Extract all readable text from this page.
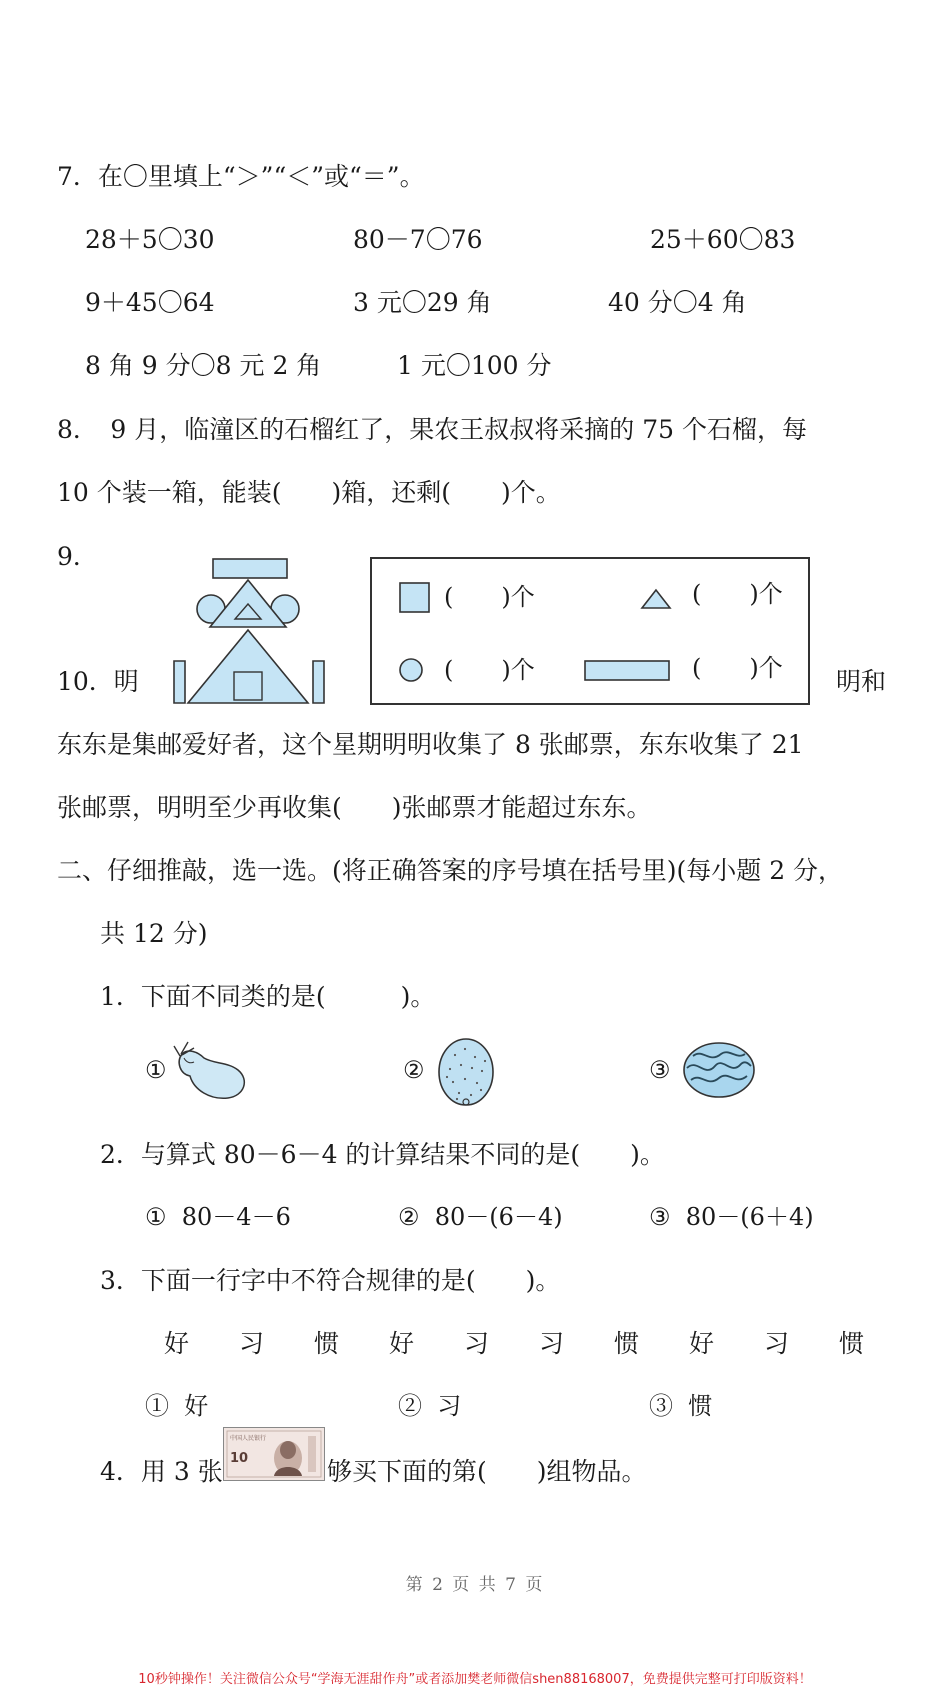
7．在〇里填上“＞”“＜”或“＝”。
28＋5〇30	80－7〇76	25＋60〇83
9＋45〇64	3 元〇29 角	40 分〇4 角
8 角 9 分〇8 元 2 角	1 元〇100 分
8．　9 月，临潼区的石榴红了，果农王叔叔将采摘的 75 个石榴，每
10 个装一箱，能装(　　)箱，还剩(　　)个。
9．
(　　)个	(　　)个
(　　)个	(　　)个
10．明	明和
东东是集邮爱好者，这个星期明明收集了 8 张邮票，东东收集了 21
张邮票，明明至少再收集(　　)张邮票才能超过东东。
二、仔细推敲，选一选。(将正确答案的序号填在括号里)(每小题 2 分，
共 12 分)
1．下面不同类的是(　　　)。
①	②	③
2．与算式 80－6－4 的计算结果不同的是(　　)。
①  80－4－6	②  80－(6－4)	③  80－(6＋4)
3．下面一行字中不符合规律的是(　　)。
好　　习　　惯　　好　　习　　习　　惯　　好　　习　　惯
①  好	②  习	③  惯
4．用 3 张
中国人民银行
10	够买下面的第(　　)组物品。
第 2 页 共 7 页
10秒钟操作！关注微信公众号“学海无涯甜作舟”或者添加樊老师微信shen88168007，免费提供完整可打印版资料！
